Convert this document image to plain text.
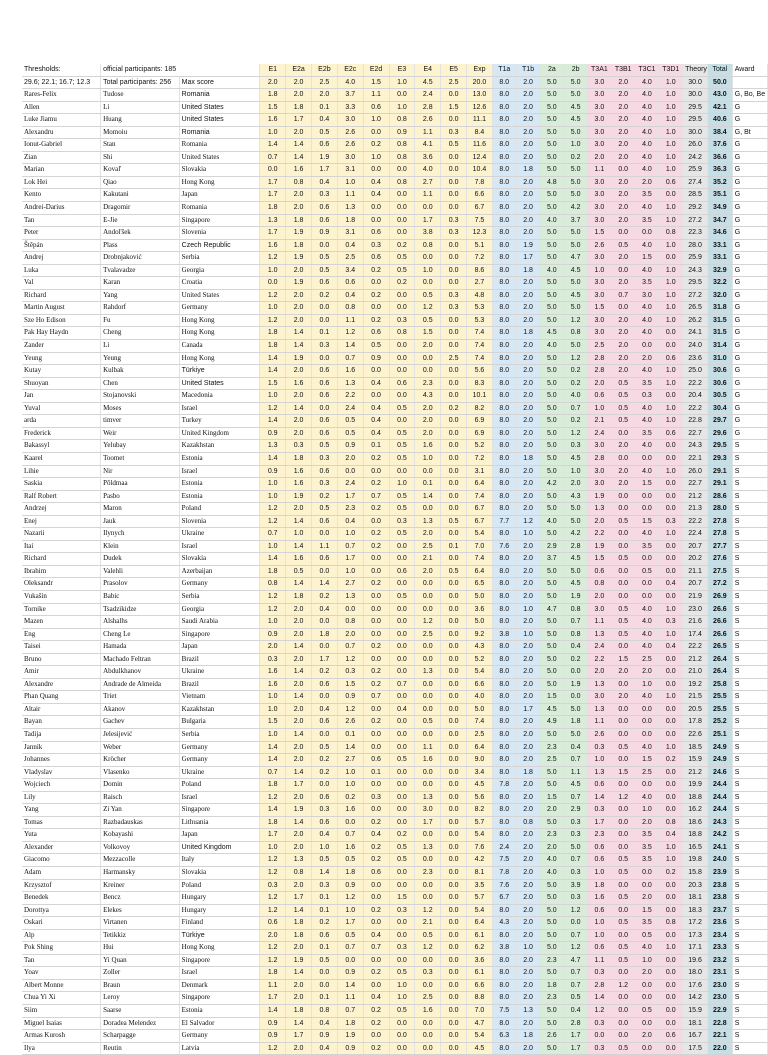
Thresholds:	official participants: 185		E1	E2a	E2b	E2c	E2d	E3	E4	E5	Exp	T1a	T1b	2a	2b	T3A1	T3B1	T3C1	T3D1	Theory	Total	Award
29.6; 22.1; 16.7; 12.3	Total participants: 256	Max score	2.0	2.0	2.5	4.0	1.5	1.0	4.5	2.5	20.0	8.0	2.0	5.0	5.0	3.0	2.0	4.0	1.0	30.0	50.0	
Rares-Felix	Tudose	Romania	1.8	2.0	2.0	3.7	1.1	0.0	2.4	0.0	13.0	8.0	2.0	5.0	5.0	3.0	2.0	4.0	1.0	30.0	43.0	G, Bo, Be
Allen	Li	United States	1.5	1.8	0.1	3.3	0.6	1.0	2.8	1.5	12.6	8.0	2.0	5.0	4.5	3.0	2.0	4.0	1.0	29.5	42.1	G
Luke Jiamu	Huang	United States	1.6	1.7	0.4	3.0	1.0	0.8	2.6	0.0	11.1	8.0	2.0	5.0	4.5	3.0	2.0	4.0	1.0	29.5	40.6	G
Alexandru	Momoiu	Romania	1.0	2.0	0.5	2.6	0.0	0.9	1.1	0.3	8.4	8.0	2.0	5.0	5.0	3.0	2.0	4.0	1.0	30.0	38.4	G, Bt
Ionut-Gabriel	Stan	Romania	1.4	1.4	0.6	2.6	0.2	0.8	4.1	0.5	11.6	8.0	2.0	5.0	1.0	3.0	2.0	4.0	1.0	26.0	37.6	G
Zian	Shi	United States	0.7	1.4	1.9	3.0	1.0	0.8	3.6	0.0	12.4	8.0	2.0	5.0	0.2	2.0	2.0	4.0	1.0	24.2	36.6	G
Marian	Kovaľ	Slovakia	0.0	1.6	1.7	3.1	0.0	0.0	4.0	0.0	10.4	8.0	1.8	5.0	5.0	1.1	0.0	4.0	1.0	25.9	36.3	G
Lok Hei	Qiao	Hong Kong	1.7	0.8	0.4	1.0	0.4	0.8	2.7	0.0	7.8	8.0	2.0	4.8	5.0	3.0	2.0	2.0	0.6	27.4	35.2	G
Kento	Kakutani	Japan	1.7	2.0	0.3	1.1	0.4	0.0	1.1	0.0	6.6	8.0	2.0	5.0	5.0	3.0	2.0	3.5	0.0	28.5	35.1	G
Andrei-Darius	Dragomir	Romania	1.8	2.0	0.6	1.3	0.0	0.0	0.0	0.0	6.7	8.0	2.0	5.0	4.2	3.0	2.0	4.0	1.0	29.2	34.9	G
Tan	E-Jie	Singapore	1.3	1.8	0.6	1.8	0.0	0.0	1.7	0.3	7.5	8.0	2.0	4.0	3.7	3.0	2.0	3.5	1.0	27.2	34.7	G
Peter	Andoľšek	Slovenia	1.7	1.9	0.9	3.1	0.6	0.0	3.8	0.3	12.3	8.0	2.0	5.0	5.0	1.5	0.0	0.0	0.8	22.3	34.6	G
Štěpán	Plass	Czech Republic	1.6	1.8	0.0	0.4	0.3	0.2	0.8	0.0	5.1	8.0	1.9	5.0	5.0	2.6	0.5	4.0	1.0	28.0	33.1	G
Andrej	Drobnjaković	Serbia	1.2	1.9	0.5	2.5	0.6	0.5	0.0	0.0	7.2	8.0	1.7	5.0	4.7	3.0	2.0	1.5	0.0	25.9	33.1	G
Luka	Tvalavadze	Georgia	1.0	2.0	0.5	3.4	0.2	0.5	1.0	0.0	8.6	8.0	1.8	4.0	4.5	1.0	0.0	4.0	1.0	24.3	32.9	G
Val	Karan	Croatia	0.0	1.9	0.6	0.6	0.0	0.2	0.0	0.0	2.7	8.0	2.0	5.0	5.0	3.0	2.0	3.5	1.0	29.5	32.2	G
Richard	Yang	United States	1.2	2.0	0.2	0.4	0.2	0.0	0.5	0.3	4.8	8.0	2.0	5.0	4.5	3.0	0.7	3.0	1.0	27.2	32.0	G
Martin August	Rahdorf	Germany	1.0	2.0	0.0	0.8	0.0	0.0	1.2	0.3	5.3	8.0	2.0	5.0	5.0	1.5	0.0	4.0	1.0	26.5	31.8	G
Sze Ho Edison	Fu	Hong Kong	1.2	2.0	0.0	1.1	0.2	0.3	0.5	0.0	5.3	8.0	2.0	5.0	1.2	3.0	2.0	4.0	1.0	26.2	31.5	G
Pak Hay Haydn	Cheng	Hong Kong	1.8	1.4	0.1	1.2	0.6	0.8	1.5	0.0	7.4	8.0	1.8	4.5	0.8	3.0	2.0	4.0	0.0	24.1	31.5	G
Zander	Li	Canada	1.8	1.4	0.3	1.4	0.5	0.0	2.0	0.0	7.4	8.0	2.0	4.0	5.0	2.5	2.0	0.0	0.0	24.0	31.4	G
Yeung	Yeung	Hong Kong	1.4	1.9	0.0	0.7	0.9	0.0	0.0	2.5	7.4	8.0	2.0	5.0	1.2	2.8	2.0	2.0	0.6	23.6	31.0	G
Kutay	Kulbak	Türkiye	1.4	2.0	0.6	1.6	0.0	0.0	0.0	0.0	5.6	8.0	2.0	5.0	0.2	2.8	2.0	4.0	1.0	25.0	30.6	G
Shuoyan	Chen	United States	1.5	1.6	0.6	1.3	0.4	0.6	2.3	0.0	8.3	8.0	2.0	5.0	0.2	2.0	0.5	3.5	1.0	22.2	30.6	G
Jan	Stojanovski	Macedonia	1.0	2.0	0.6	2.2	0.0	0.0	4.3	0.0	10.1	8.0	2.0	5.0	4.0	0.6	0.5	0.3	0.0	20.4	30.5	G
Yuval	Moses	Israel	1.2	1.4	0.0	2.4	0.4	0.5	2.0	0.2	8.2	8.0	2.0	5.0	0.7	1.0	0.5	4.0	1.0	22.2	30.4	G
arda	timver	Turkey	1.4	2.0	0.6	0.5	0.4	0.0	2.0	0.0	6.9	8.0	2.0	5.0	0.2	2.1	0.5	4.0	1.0	22.8	29.7	G
Frederick	Weir	United Kingdom	0.9	2.0	0.6	0.5	0.4	0.5	2.0	0.0	6.9	8.0	2.0	5.0	1.2	2.4	0.0	3.5	0.6	22.7	29.6	G
Bakassyl	Yelubay	Kazakhstan	1.3	0.3	0.5	0.9	0.1	0.5	1.6	0.0	5.2	8.0	2.0	5.0	0.3	3.0	2.0	4.0	0.0	24.3	29.5	S
Kaarel	Toomet	Estonia	1.4	1.8	0.3	2.0	0.2	0.5	1.0	0.0	7.2	8.0	1.8	5.0	4.5	2.8	0.0	0.0	0.0	22.1	29.3	S
Lihie	Nir	Israel	0.9	1.6	0.6	0.0	0.0	0.0	0.0	0.0	3.1	8.0	2.0	5.0	1.0	3.0	2.0	4.0	1.0	26.0	29.1	S
Saskia	Põldmaa	Estonia	1.0	1.6	0.3	2.4	0.2	1.0	0.1	0.0	6.4	8.0	2.0	4.2	2.0	3.0	2.0	1.5	0.0	22.7	29.1	S
Ralf Robert	Pasbo	Estonia	1.0	1.9	0.2	1.7	0.7	0.5	1.4	0.0	7.4	8.0	2.0	5.0	4.3	1.9	0.0	0.0	0.0	21.2	28.6	S
Andrzej	Maron	Poland	1.2	2.0	0.5	2.3	0.2	0.5	0.0	0.0	6.7	8.0	2.0	5.0	5.0	1.3	0.0	0.0	0.0	21.3	28.0	S
Enej	Jauk	Slovenia	1.2	1.4	0.6	0.4	0.0	0.3	1.3	0.5	6.7	7.7	1.2	4.0	5.0	2.0	0.5	1.5	0.3	22.2	27.8	S
Nazarii	Ilynych	Ukraine	0.7	1.0	0.0	1.0	0.2	0.5	2.0	0.0	5.4	8.0	1.0	5.0	4.2	2.2	0.0	4.0	1.0	22.4	27.8	S
Itai	Klein	Israel	1.0	1.4	1.1	0.7	0.2	0.0	2.5	0.1	7.0	7.6	2.0	2.9	2.8	1.9	0.0	3.5	0.0	20.7	27.7	S
Richard	Dudek	Slovakia	1.4	1.6	0.6	1.7	0.0	0.0	2.1	0.0	7.4	8.0	2.0	3.7	4.5	1.5	0.5	0.0	0.0	20.2	27.6	S
Ibrahim	Valehli	Azerbaijan	1.8	0.5	0.0	1.0	0.0	0.6	2.0	0.5	6.4	8.0	2.0	5.0	5.0	0.6	0.0	0.5	0.0	21.1	27.5	S
Oleksandr	Prasolov	Germany	0.8	1.4	1.4	2.7	0.2	0.0	0.0	0.0	6.5	8.0	2.0	5.0	4.5	0.8	0.0	0.0	0.4	20.7	27.2	S
Vukašin	Babic	Serbia	1.2	1.8	0.2	1.3	0.0	0.5	0.0	0.0	5.0	8.0	2.0	5.0	1.9	2.0	0.0	0.0	0.0	21.9	26.9	S
Tornike	Tsadzikidze	Georgia	1.2	2.0	0.4	0.0	0.0	0.0	0.0	0.0	3.6	8.0	1.0	4.7	0.8	3.0	0.5	4.0	1.0	23.0	26.6	S
Mazen	Alshalhs	Saudi Arabia	1.0	2.0	0.0	0.8	0.0	0.0	1.2	0.0	5.0	8.0	2.0	5.0	0.7	1.1	0.5	4.0	0.3	21.6	26.6	S
Eng	Cheng Le	Singapore	0.9	2.0	1.8	2.0	0.0	0.0	2.5	0.0	9.2	3.8	1.0	5.0	0.8	1.3	0.5	4.0	1.0	17.4	26.6	S
Taisei	Hamada	Japan	2.0	1.4	0.0	0.7	0.2	0.0	0.0	0.0	4.3	8.0	2.0	5.0	0.4	2.4	0.0	4.0	0.4	22.2	26.5	S
Bruno	Machado Feltran	Brazil	0.3	2.0	1.7	1.2	0.0	0.0	0.0	0.0	5.2	8.0	2.0	5.0	0.2	2.2	1.5	2.5	0.0	21.2	26.4	S
Amir	Abdulkhanov	Ukraine	1.6	1.4	0.2	0.3	0.2	0.0	1.3	0.0	5.4	8.0	2.0	5.0	0.0	2.0	2.0	2.0	0.0	21.0	26.4	S
Alexandre	Andrade de Almeida	Brazil	1.6	2.0	0.6	1.5	0.2	0.7	0.0	0.0	6.6	8.0	2.0	5.0	1.9	1.3	0.0	1.0	0.0	19.2	25.8	S
Phan Quang	Triet	Vietnam	1.0	1.4	0.0	0.9	0.7	0.0	0.0	0.0	4.0	8.0	2.0	1.5	0.0	3.0	2.0	4.0	1.0	21.5	25.5	S
Altair	Akanov	Kazakhstan	1.0	2.0	0.4	1.2	0.0	0.4	0.0	0.0	5.0	8.0	1.7	4.5	5.0	1.3	0.0	0.0	0.0	20.5	25.5	S
Bayan	Gachev	Bulgaria	1.5	2.0	0.6	2.6	0.2	0.0	0.5	0.0	7.4	8.0	2.0	4.9	1.8	1.1	0.0	0.0	0.0	17.8	25.2	S
Tadija	Jelesijević	Serbia	1.0	1.4	0.0	0.1	0.0	0.0	0.0	0.0	2.5	8.0	2.0	5.0	5.0	2.6	0.0	0.0	0.0	22.6	25.1	S
Jannik	Weber	Germany	1.4	2.0	0.5	1.4	0.0	0.0	1.1	0.0	6.4	8.0	2.0	2.3	0.4	0.3	0.5	4.0	1.0	18.5	24.9	S
Johannes	Kröcher	Germany	1.4	2.0	0.2	2.7	0.6	0.5	1.6	0.0	9.0	8.0	2.0	2.5	0.7	1.0	0.0	1.5	0.2	15.9	24.9	S
Vladyslav	Vlasenko	Ukraine	0.7	1.4	0.2	1.0	0.1	0.0	0.0	0.0	3.4	8.0	1.8	5.0	1.1	1.3	1.5	2.5	0.0	21.2	24.6	S
Wojciech	Domin	Poland	1.8	1.7	0.0	1.0	0.0	0.0	0.0	0.0	4.5	7.8	2.0	5.0	4.5	0.6	0.0	0.0	0.0	19.9	24.4	S
Lily	Raisch	Israel	1.2	2.0	0.6	0.2	0.3	0.0	1.3	0.0	5.6	8.0	2.0	1.5	0.7	1.4	1.2	4.0	0.0	18.8	24.4	S
Yang	Zi Yan	Singapore	1.4	1.9	0.3	1.6	0.0	0.0	3.0	0.0	8.2	8.0	2.0	2.0	2.9	0.3	0.0	1.0	0.0	16.2	24.4	S
Tomas	Razbadauskas	Lithuania	1.8	1.4	0.6	0.0	0.2	0.0	1.7	0.0	5.7	8.0	0.8	5.0	0.3	1.7	0.0	2.0	0.8	18.6	24.3	S
Yuta	Kobayashi	Japan	1.7	2.0	0.4	0.7	0.4	0.2	0.0	0.0	5.4	8.0	2.0	2.3	0.3	2.3	0.0	3.5	0.4	18.8	24.2	S
Alexander	Volkovoy	United Kingdom	1.0	2.0	1.0	1.6	0.2	0.5	1.3	0.0	7.6	2.4	2.0	2.0	5.0	0.6	0.0	3.5	1.0	16.5	24.1	S
Giacomo	Mezzacolle	Italy	1.2	1.3	0.5	0.5	0.2	0.5	0.0	0.0	4.2	7.5	2.0	4.0	0.7	0.6	0.5	3.5	1.0	19.8	24.0	S
Adam	Harmansky	Slovakia	1.2	0.8	1.4	1.8	0.6	0.0	2.3	0.0	8.1	7.8	2.0	4.0	0.3	1.0	0.5	0.0	0.2	15.8	23.9	S
Krzysztof	Kreiner	Poland	0.3	2.0	0.3	0.9	0.0	0.0	0.0	0.0	3.5	7.6	2.0	5.0	3.9	1.8	0.0	0.0	0.0	20.3	23.8	S
Benedek	Bencz	Hungary	1.2	1.7	0.1	1.2	0.0	1.5	0.0	0.0	5.7	6.7	2.0	5.0	0.3	1.6	0.5	2.0	0.0	18.1	23.8	S
Dorottya	Elekes	Hungary	1.2	1.4	0.1	1.0	0.2	0.3	1.2	0.0	5.4	8.0	2.0	5.0	1.2	0.6	0.0	1.5	0.0	18.3	23.7	S
Oskari	Virtanen	Finland	0.6	1.8	0.2	1.7	0.0	0.0	2.1	0.0	6.4	4.3	2.0	5.0	0.0	1.0	0.5	3.5	0.8	17.2	23.6	S
Alp	Tetikkiz	Türkiye	2.0	1.8	0.6	0.5	0.4	0.0	0.5	0.0	6.1	8.0	2.0	5.0	0.7	1.0	0.0	0.5	0.0	17.3	23.4	S
Pok Shing	Hui	Hong Kong	1.2	2.0	0.1	0.7	0.7	0.3	1.2	0.0	6.2	3.8	1.0	5.0	1.2	0.6	0.5	4.0	1.0	17.1	23.3	S
Tan	Yi Quan	Singapore	1.2	1.9	0.5	0.0	0.0	0.0	0.0	0.0	3.6	8.0	2.0	2.3	4.7	1.1	0.5	1.0	0.0	19.6	23.2	S
Yoav	Zoller	Israel	1.8	1.4	0.0	0.9	0.2	0.5	0.3	0.0	6.1	8.0	2.0	5.0	0.7	0.3	0.0	2.0	0.0	18.0	23.1	S
Albert Monne	Braun	Denmark	1.1	2.0	0.0	1.4	0.0	1.0	0.0	0.0	6.6	8.0	2.0	1.8	0.7	2.8	1.2	0.0	0.0	17.6	23.0	S
Chua Yi Xi	Leroy	Singapore	1.7	2.0	0.1	1.1	0.4	1.0	2.5	0.0	8.8	8.0	2.0	2.3	0.5	1.4	0.0	0.0	0.0	14.2	23.0	S
Siim	Saarse	Estonia	1.4	1.8	0.8	0.7	0.2	0.5	1.6	0.0	7.0	7.5	1.3	5.0	0.4	1.2	0.0	0.5	0.0	15.9	22.9	S
Miguel Isaias	Doradea Melendez	El Salvador	0.9	1.4	0.4	1.8	0.2	0.0	0.0	0.0	4.7	8.0	2.0	5.0	2.8	0.3	0.0	0.0	0.0	18.1	22.8	S
Armas Kurosh	Scharpagge	Germany	0.9	1.7	0.9	1.9	0.0	0.0	0.0	0.0	5.4	6.3	1.8	2.6	1.7	0.0	0.0	2.0	0.6	16.7	22.1	S
Ilya	Reutin	Latvia	1.2	2.0	0.4	0.9	0.2	0.0	0.0	0.0	4.5	8.0	2.0	5.0	1.7	0.3	0.5	0.0	0.0	17.5	22.0	S
